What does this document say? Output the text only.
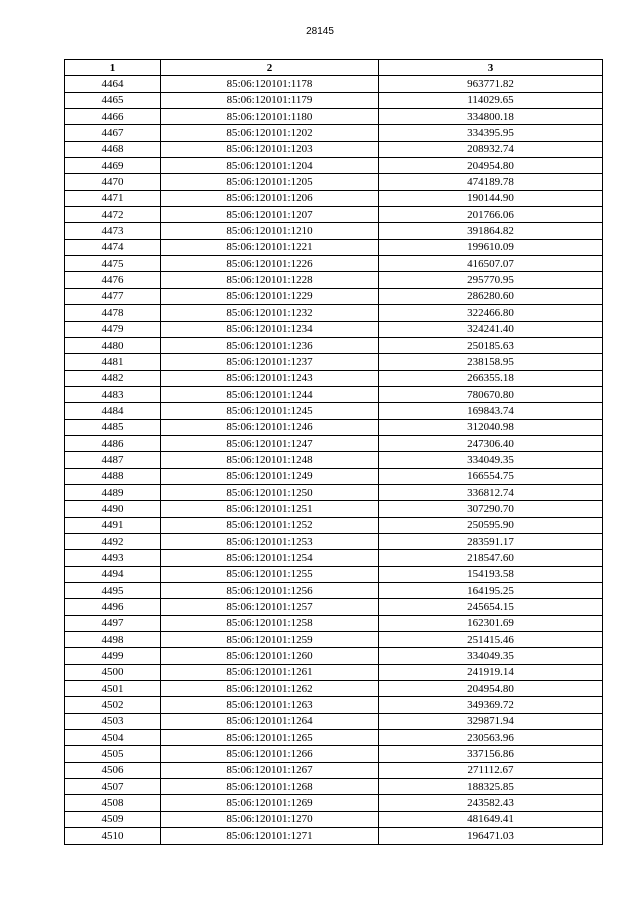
28145
1	2	3
4464	85:06:120101:1178	963771.82
4465	85:06:120101:1179	114029.65
4466	85:06:120101:1180	334800.18
4467	85:06:120101:1202	334395.95
4468	85:06:120101:1203	208932.74
4469	85:06:120101:1204	204954.80
4470	85:06:120101:1205	474189.78
4471	85:06:120101:1206	190144.90
4472	85:06:120101:1207	201766.06
4473	85:06:120101:1210	391864.82
4474	85:06:120101:1221	199610.09
4475	85:06:120101:1226	416507.07
4476	85:06:120101:1228	295770.95
4477	85:06:120101:1229	286280.60
4478	85:06:120101:1232	322466.80
4479	85:06:120101:1234	324241.40
4480	85:06:120101:1236	250185.63
4481	85:06:120101:1237	238158.95
4482	85:06:120101:1243	266355.18
4483	85:06:120101:1244	780670.80
4484	85:06:120101:1245	169843.74
4485	85:06:120101:1246	312040.98
4486	85:06:120101:1247	247306.40
4487	85:06:120101:1248	334049.35
4488	85:06:120101:1249	166554.75
4489	85:06:120101:1250	336812.74
4490	85:06:120101:1251	307290.70
4491	85:06:120101:1252	250595.90
4492	85:06:120101:1253	283591.17
4493	85:06:120101:1254	218547.60
4494	85:06:120101:1255	154193.58
4495	85:06:120101:1256	164195.25
4496	85:06:120101:1257	245654.15
4497	85:06:120101:1258	162301.69
4498	85:06:120101:1259	251415.46
4499	85:06:120101:1260	334049.35
4500	85:06:120101:1261	241919.14
4501	85:06:120101:1262	204954.80
4502	85:06:120101:1263	349369.72
4503	85:06:120101:1264	329871.94
4504	85:06:120101:1265	230563.96
4505	85:06:120101:1266	337156.86
4506	85:06:120101:1267	271112.67
4507	85:06:120101:1268	188325.85
4508	85:06:120101:1269	243582.43
4509	85:06:120101:1270	481649.41
4510	85:06:120101:1271	196471.03
